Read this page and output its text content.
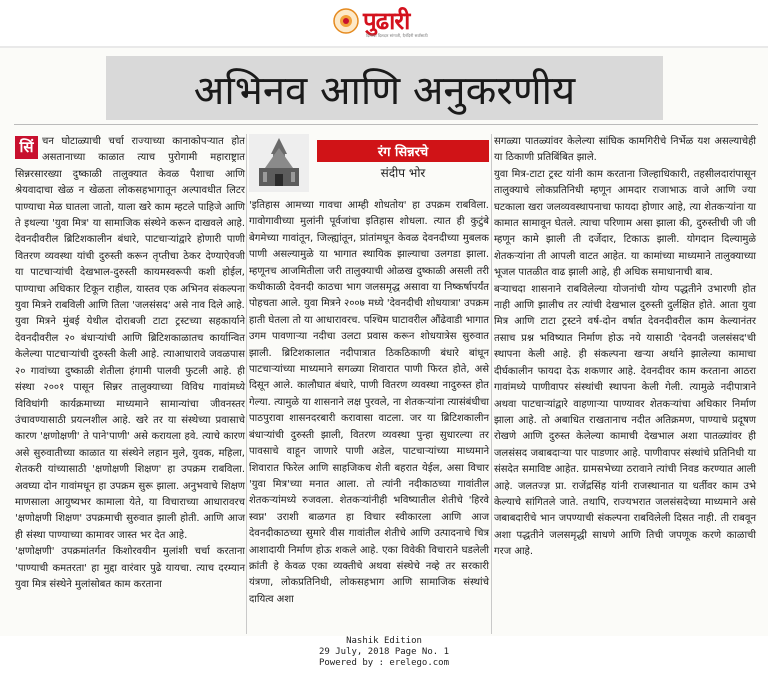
पुढारी
दिलाचा दिलदार सांगाती, दैनंदिनी सर्वांसाठी
अभिनव आणि अनुकरणीय

सिं चन घोटाळ्याची चर्चा राज्याच्या कानाकोपऱ्यात होत असतानाच्या काळात त्याच पुरोगामी महाराष्ट्रात सिन्नरसारख्या दुष्काळी तालुक्यात केवळ पैशाचा आणि श्रेयवादाचा खेळ न खेळता लोकसहभागातून अल्पावधीत लिटर पाण्याचा मेळ घातला जातो, याला खरे काम म्हटले पाहिजे आणि ते इथल्या 'युवा मित्र' या सामाजिक संस्थेने करून दाखवले आहे. देवनदीवरील ब्रिटिशकालीन बंधारे, पाटचाऱ्यांद्वारे होणारी पाणी वितरण व्यवस्था यांची दुरुस्ती करून तृप्तीचा ठेकर देण्याऐवजी या पाटचाऱ्यांची देखभाल-दुरुस्ती कायमस्वरूपी कशी होईल, पाण्याचा अधिकार टिकून राहील, यास्तव एक अभिनव संकल्पना युवा मित्रने राबविली आणि तिला 'जलसंसद' असे नाव दिले आहे.

युवा मित्रने मुंबई येथील दोराबजी टाटा ट्रस्टच्या सहकार्याने देवनदीवरील २० बंधाऱ्यांची आणि ब्रिटिशकाळातच कार्यान्वित केलेल्या पाटचाऱ्यांची दुरुस्ती केली आहे. त्याआधारावे जवळपास २० गावांच्या दुष्काळी शेतीला हंगामी पालवी फुटली आहे. ही संस्था २००१ पासून सिन्नर तालुक्याच्या विविध गावांमध्ये विविधांगी कार्यक्रमाच्या माध्यमाने सामान्यांचा जीवनस्तर उंचावण्यासाठी प्रयत्नशील आहे. खरे तर या संस्थेच्या प्रवासाचे कारण 'क्षणोक्षणी' ते पाने'पाणी' असे करायला हवे. त्याचे कारण असे सुरुवातीच्या काळात या संस्थेने लहान मुले, युवक, महिला, शेतकरी यांच्यासाठी 'क्षणोक्षणी शिक्षण' हा उपक्रम राबविला. अवघ्या दोन गावांमधून हा उपक्रम सुरू झाला. अनुभवाचे शिक्षण माणसाला आयुष्यभर कामाला येते, या विचाराच्या आधारावरच 'क्षणोक्षणी शिक्षण' उपक्रमाची सुरुवात झाली होती. आणि आज ही संस्था पाण्याच्या कामावर जास्त भर देत आहे.

'क्षणोक्षणी' उपक्रमांतर्गत किशोरवयीन मुलांशी चर्चा करताना 'पाण्याची कमतरता' हा मुद्दा वारंवार पुढे यायचा. त्याच दरम्यान युवा मित्र संस्थेने मुलांसोबत काम करताना

रंग सिन्नरचे
संदीप भोर

'इतिहास आमच्या गावचा आम्ही शोधतोय' हा उपक्रम राबविला. गावोगावीच्या मुलांनी पूर्वजांचा इतिहास शोधला. त्यात ही कुटुंबे बेगमेच्या गावांतून, जिल्ह्यांतून, प्रांतांमधून केवळ देवनदीच्या मुबलक पाणी असल्यामुळे या भागात स्थायिक झाल्याचा उलगडा झाला. म्हणूनच आजमितीला जरी तालुक्याची ओळख दुष्काळी असली तरी कधीकाळी देवनदी काठचा भाग जलसमृद्ध असावा या निष्कर्षापर्यंत पोहचता आले. युवा मित्रने २००७ मध्ये 'देवनदीची शोधयात्रा' उपक्रम हाती घेतला तो या आधारावरच. पश्चिम घाटावरील औंढेवाडी भागात उगम पावणाऱ्या नदीचा उलटा प्रवास करून शोधयात्रेस सुरुवात झाली. ब्रिटिशकालात नदीपात्रात ठिकठिकाणी बंधारे बांधून पाटचाऱ्यांच्या माध्यमाने सगळ्या शिवारात पाणी फिरत होते, असे दिसून आले. कालौघात बंधारे, पाणी वितरण व्यवस्था नादुरुस्त होत गेल्या. त्यामुळे या शासनाने लक्ष पुरवले, ना शेतकऱ्यांना त्यासंबंधीचा पाठपुरावा शासनदरबारी करावासा वाटला. जर या ब्रिटिशकालीन बंधाऱ्यांची दुरुस्ती झाली, वितरण व्यवस्था पुन्हा सुधारल्या तर पावसाचे वाहून जाणारे पाणी अडेल, पाटचाऱ्यांच्या माध्यमाने शिवारात फिरेल आणि साहजिकच शेती बहरात येईल, असा विचार 'युवा मित्र'च्या मनात आला. तो त्यांनी नदीकाठच्या गावांतील शेतकऱ्यांमध्ये रुजवला. शेतकऱ्यांनीही भविष्यातील शेतीचे 'हिरवे स्वप्न' उराशी बाळगत हा विचार स्वीकारला आणि आज देवनदीकाठच्या सुमारे वीस गावांतील शेतीचे आणि उत्पादनाचे चित्र आशादायी निर्माण होऊ शकले आहे. एका विवेकी विचाराने घडलेली क्रांती हे केवळ एका व्यक्तीचे अथवा संस्थेचे नव्हे तर सरकारी यंत्रणा, लोकप्रतिनिधी, लोकसहभाग आणि सामाजिक संस्थांचे दायित्व अशा

सगळ्या पातळ्यांवर केलेल्या सांघिक कामगिरीचे निर्भेळ यश असल्याचेही या ठिकाणी प्रतिबिंबित झाले.

युवा मित्र-टाटा ट्रस्ट यांनी काम करताना जिल्हाधिकारी, तहसीलदारांपासून तालुक्याचे लोकप्रतिनिधी म्हणून आमदार राजाभाऊ वाजे आणि ज्या घटकाला खरा जलव्यवस्थापनाचा फायदा होणार आहे, त्या शेतकऱ्यांना या कामात सामावून घेतले. त्याचा परिणाम असा झाला की, दुरुस्तीची जी जी म्हणून कामे झाली ती दर्जेदार, टिकाऊ झाली. योगदान दिल्यामुळे शेतकऱ्यांना ती आपली वाटत आहेत. या कामांच्या माध्यमाने तालुक्याच्या भूजल पातळीत वाढ झाली आहे, ही अधिक समाधानाची बाब.

बऱ्याचदा शासनाने राबविलेल्या योजनांची योग्य पद्धतीने उभारणी होत नाही आणि झालीच तर त्यांची देखभाल दुरुस्ती दुर्लक्षित होते. आता युवा मित्र आणि टाटा ट्रस्टने वर्ष-दोन वर्षात देवनदीवरील काम केल्यानंतर तसाच प्रश्न भविष्यात निर्माण होऊ नये यासाठी 'देवनदी जलसंसद'ची स्थापना केली आहे. ही संकल्पना खऱ्या अर्थाने झालेल्या कामाचा दीर्घकालीन फायदा देऊ शकणार आहे. देवनदीवर काम करताना आठरा गावांमध्ये पाणीवापर संस्थांची स्थापना केली गेली. त्यामुळे नदीपात्राने अथवा पाटचाऱ्यांद्वारे वाहणाऱ्या पाण्यावर शेतकऱ्यांचा अधिकार निर्माण झाला आहे. तो अबाधित राखतानाच नदीत अतिक्रमण, पाण्याचे प्रदूषण रोखणे आणि दुरुस्त केलेल्या कामाची देखभाल अशा पातळ्यांवर ही जलसंसद जबाबदाऱ्या पार पाडणार आहे. पाणीवापर संस्थांचे प्रतिनिधी या संसदेत समाविष्ट आहेत. ग्रामसभेच्या ठरावाने त्यांची निवड करण्यात आली आहे. जलतज्ज्ञ प्रा. राजेंद्रसिंह यांनी राजस्थानात या धर्तीवर काम उभे केल्याचे सांगितले जाते. तथापि, राज्यभरात जलसंसदेच्या माध्यमाने असे जबाबदारीचे भान जपण्याची संकल्पना राबविलेली दिसत नाही. ती राबवून अशा पद्धतीने जलसमृद्धी साधणे आणि तिची जपणूक करणे काळाची गरज आहे.

Nashik Edition
29 July, 2018 Page No. 1
Powered by : erelego.com
